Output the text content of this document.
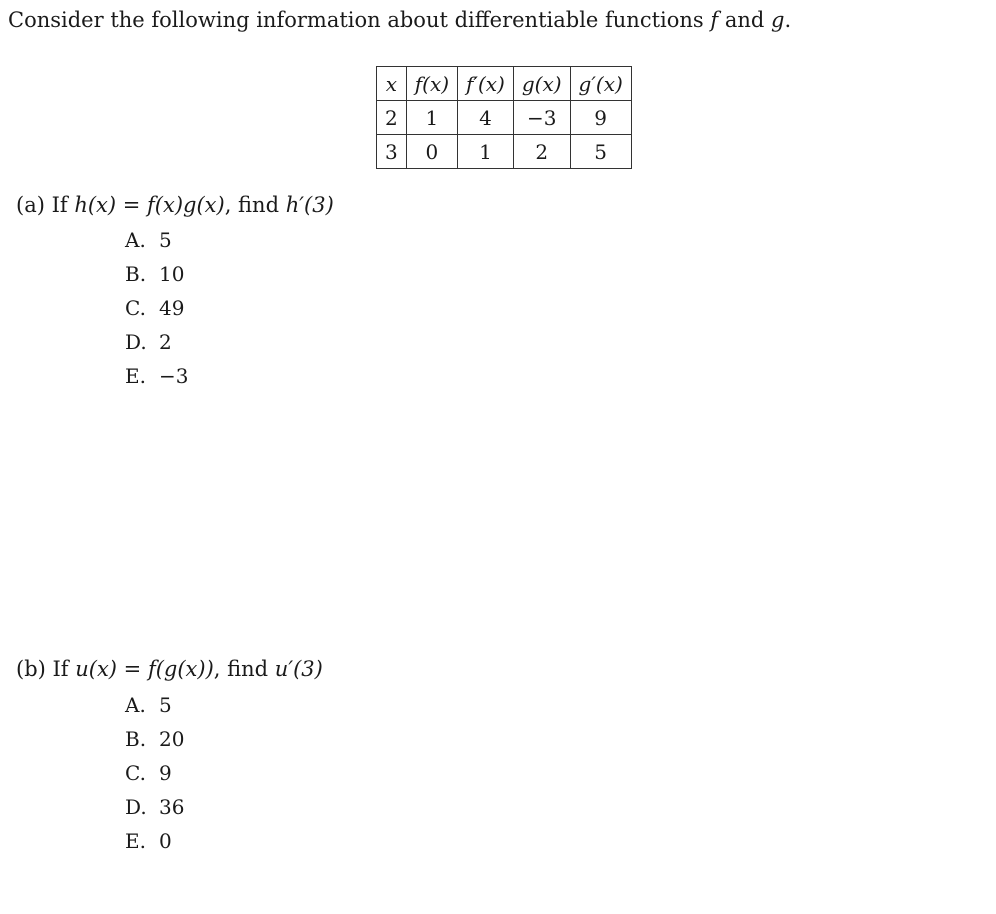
Consider the following information about differentiable functions f and g.
x	f(x)	f′(x)	g(x)	g′(x)
2	1	4	−3	9
3	0	1	2	5
(a) If h(x) = f(x)g(x), find h′(3)
A. 5
B. 10
C. 49
D. 2
E. −3
(b) If u(x) = f(g(x)), find u′(3)
A. 5
B. 20
C. 9
D. 36
E. 0
